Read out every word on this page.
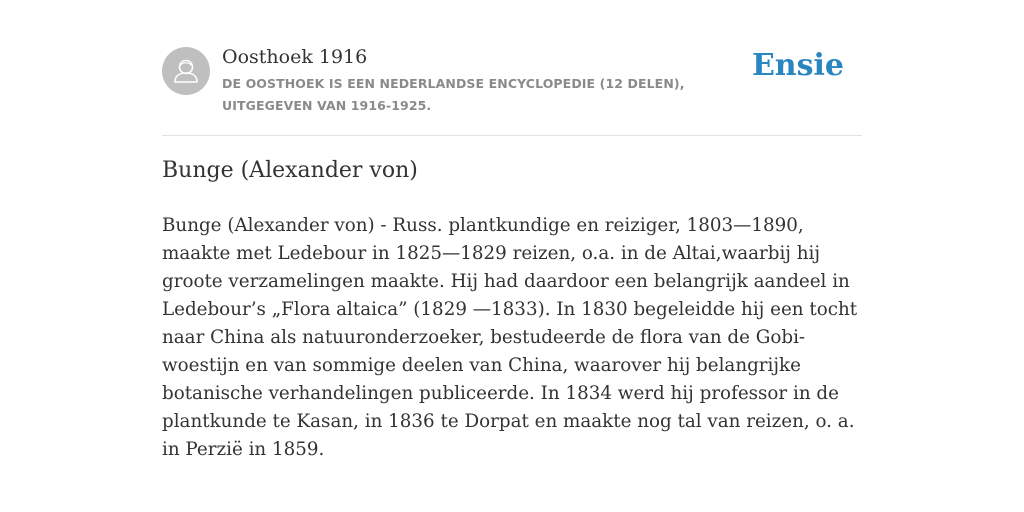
Oosthoek 1916
DE OOSTHOEK IS EEN NEDERLANDSE ENCYCLOPEDIE (12 DELEN), UITGEGEVEN VAN 1916-1925.
Ensie
Bunge (Alexander von)

Bunge (Alexander von) - Russ. plantkundige en reiziger, 1803—1890, maakte met Ledebour in 1825—1829 reizen, o.a. in de Altai,waarbij hij groote verzamelingen maakte. Hij had daardoor een belangrijk aandeel in Ledebour’s „Flora altaica” (1829 —1833). In 1830 begeleidde hij een tocht naar China als natuuronderzoeker, bestudeerde de flora van de Gobi-woestijn en van sommige deelen van China, waarover hij belangrijke botanische verhandelingen publiceerde. In 1834 werd hij professor in de plantkunde te Kasan, in 1836 te Dorpat en maakte nog tal van reizen, o. a. in Perzië in 1859.
